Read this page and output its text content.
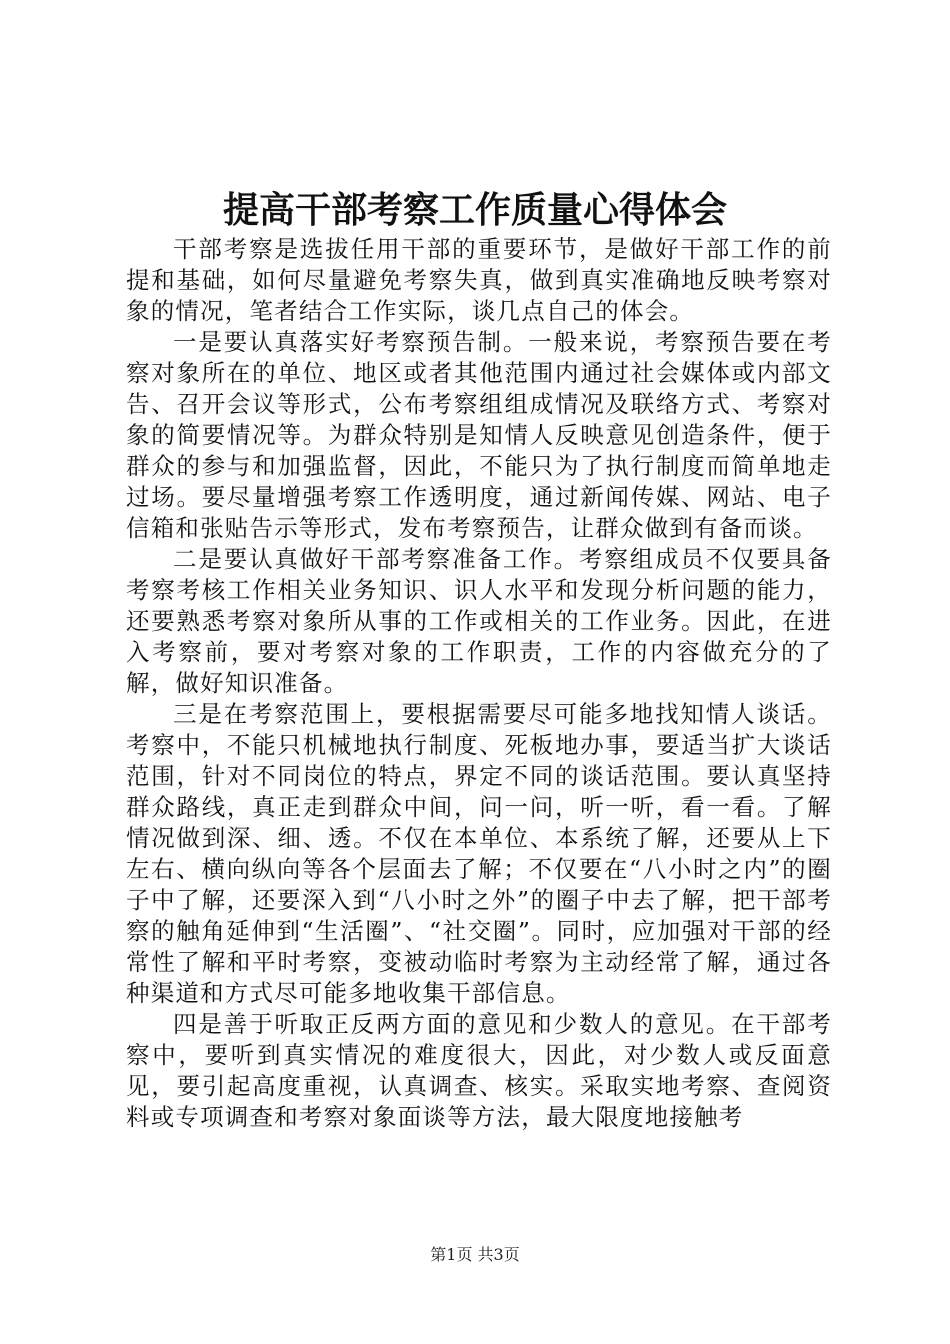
提高干部考察工作质量心得体会

干部考察是选拔任用干部的重要环节，是做好干部工作的前提和基础，如何尽量避免考察失真，做到真实准确地反映考察对象的情况，笔者结合工作实际，谈几点自己的体会。

一是要认真落实好考察预告制。一般来说，考察预告要在考察对象所在的单位、地区或者其他范围内通过社会媒体或内部文告、召开会议等形式，公布考察组组成情况及联络方式、考察对象的简要情况等。为群众特别是知情人反映意见创造条件，便于群众的参与和加强监督，因此，不能只为了执行制度而简单地走过场。要尽量增强考察工作透明度，通过新闻传媒、网站、电子信箱和张贴告示等形式，发布考察预告，让群众做到有备而谈。

二是要认真做好干部考察准备工作。考察组成员不仅要具备考察考核工作相关业务知识、识人水平和发现分析问题的能力，还要熟悉考察对象所从事的工作或相关的工作业务。因此，在进入考察前，要对考察对象的工作职责，工作的内容做充分的了解，做好知识准备。

三是在考察范围上，要根据需要尽可能多地找知情人谈话。考察中，不能只机械地执行制度、死板地办事，要适当扩大谈话范围，针对不同岗位的特点，界定不同的谈话范围。要认真坚持群众路线，真正走到群众中间，问一问，听一听，看一看。了解情况做到深、细、透。不仅在本单位、本系统了解，还要从上下左右、横向纵向等各个层面去了解；不仅要在“八小时之内”的圈子中了解，还要深入到“八小时之外”的圈子中去了解，把干部考察的触角延伸到“生活圈”、“社交圈”。同时，应加强对干部的经常性了解和平时考察，变被动临时考察为主动经常了解，通过各种渠道和方式尽可能多地收集干部信息。

四是善于听取正反两方面的意见和少数人的意见。在干部考察中，要听到真实情况的难度很大，因此，对少数人或反面意见，要引起高度重视，认真调查、核实。采取实地考察、查阅资料或专项调查和考察对象面谈等方法，最大限度地接触考

第1页 共3页
